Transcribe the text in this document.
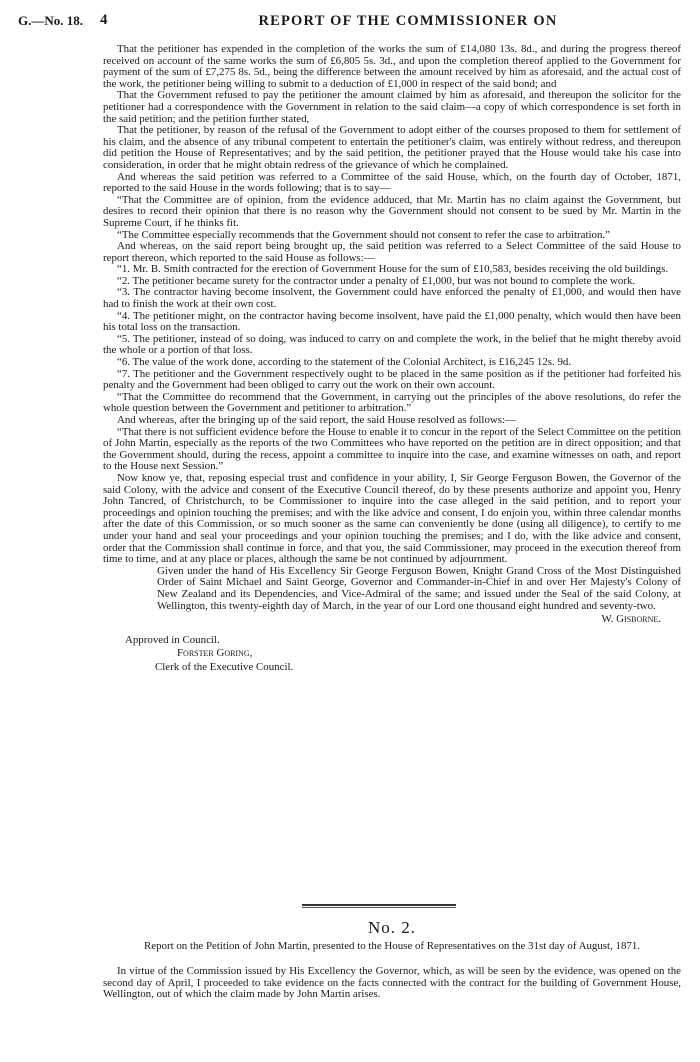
G.—No. 18. 4	REPORT OF THE COMMISSIONER ON

That the petitioner has expended in the completion of the works the sum of £14,080 13s. 8d., and during the progress thereof received on account of the same works the sum of £6,805 5s. 3d., and upon the completion thereof applied to the Government for payment of the sum of £7,275 8s. 5d., being the difference between the amount received by him as aforesaid, and the actual cost of the work, the petitioner being willing to submit to a deduction of £1,000 in respect of the said bond; and

That the Government refused to pay the petitioner the amount claimed by him as aforesaid, and thereupon the solicitor for the petitioner had a correspondence with the Government in relation to the said claim—a copy of which correspondence is set forth in the said petition; and the petition further stated,

That the petitioner, by reason of the refusal of the Government to adopt either of the courses proposed to them for settlement of his claim, and the absence of any tribunal competent to entertain the petitioner's claim, was entirely without redress, and thereupon did petition the House of Representatives; and by the said petition, the petitioner prayed that the House would take his case into consideration, in order that he might obtain redress of the grievance of which he complained.

And whereas the said petition was referred to a Committee of the said House, which, on the fourth day of October, 1871, reported to the said House in the words following; that is to say—

“That the Committee are of opinion, from the evidence adduced, that Mr. Martin has no claim against the Government, but desires to record their opinion that there is no reason why the Government should not consent to be sued by Mr. Martin in the Supreme Court, if he thinks fit.

“The Committee especially recommends that the Government should not consent to refer the case to arbitration.”

And whereas, on the said report being brought up, the said petition was referred to a Select Committee of the said House to report thereon, which reported to the said House as follows:—

“1. Mr. B. Smith contracted for the erection of Government House for the sum of £10,583, besides receiving the old buildings.

“2. The petitioner became surety for the contractor under a penalty of £1,000, but was not bound to complete the work.

“3. The contractor having become insolvent, the Government could have enforced the penalty of £1,000, and would then have had to finish the work at their own cost.

“4. The petitioner might, on the contractor having become insolvent, have paid the £1,000 penalty, which would then have been his total loss on the transaction.

“5. The petitioner, instead of so doing, was induced to carry on and complete the work, in the belief that he might thereby avoid the whole or a portion of that loss.

“6. The value of the work done, according to the statement of the Colonial Architect, is £16,245 12s. 9d.

“7. The petitioner and the Government respectively ought to be placed in the same position as if the petitioner had forfeited his penalty and the Government had been obliged to carry out the work on their own account.

“That the Committee do recommend that the Government, in carrying out the principles of the above resolutions, do refer the whole question between the Government and petitioner to arbitration.”

And whereas, after the bringing up of the said report, the said House resolved as follows:—

“That there is not sufficient evidence before the House to enable it to concur in the report of the Select Committee on the petition of John Martin, especially as the reports of the two Committees who have reported on the petition are in direct opposition; and that the Government should, during the recess, appoint a committee to inquire into the case, and examine witnesses on oath, and report to the House next Session.”

Now know ye, that, reposing especial trust and confidence in your ability, I, Sir George Ferguson Bowen, the Governor of the said Colony, with the advice and consent of the Executive Council thereof, do by these presents authorize and appoint you, Henry John Tancred, of Christchurch, to be Commissioner to inquire into the case alleged in the said petition, and to report your proceedings and opinion touching the premises; and with the like advice and consent, I do enjoin you, within three calendar months after the date of this Commission, or so much sooner as the same can conveniently be done (using all diligence), to certify to me under your hand and seal your proceedings and your opinion touching the premises; and I do, with the like advice and consent, order that the Commission shall continue in force, and that you, the said Commissioner, may proceed in the execution thereof from time to time, and at any place or places, although the same be not continued by adjournment.

Given under the hand of His Excellency Sir George Ferguson Bowen, Knight Grand Cross of the Most Distinguished Order of Saint Michael and Saint George, Governor and Commander-in-Chief in and over Her Majesty's Colony of New Zealand and its Dependencies, and Vice-Admiral of the same; and issued under the Seal of the said Colony, at Wellington, this twenty-eighth day of March, in the year of our Lord one thousand eight hundred and seventy-two.

W. Gisborne.
Approved in Council.
Forster Goring,
Clerk of the Executive Council.
No. 2.
Report on the Petition of John Martin, presented to the House of Representatives on the 31st day of August, 1871.
In virtue of the Commission issued by His Excellency the Governor, which, as will be seen by the evidence, was opened on the second day of April, I proceeded to take evidence on the facts connected with the contract for the building of Government House, Wellington, out of which the claim made by John Martin arises.
